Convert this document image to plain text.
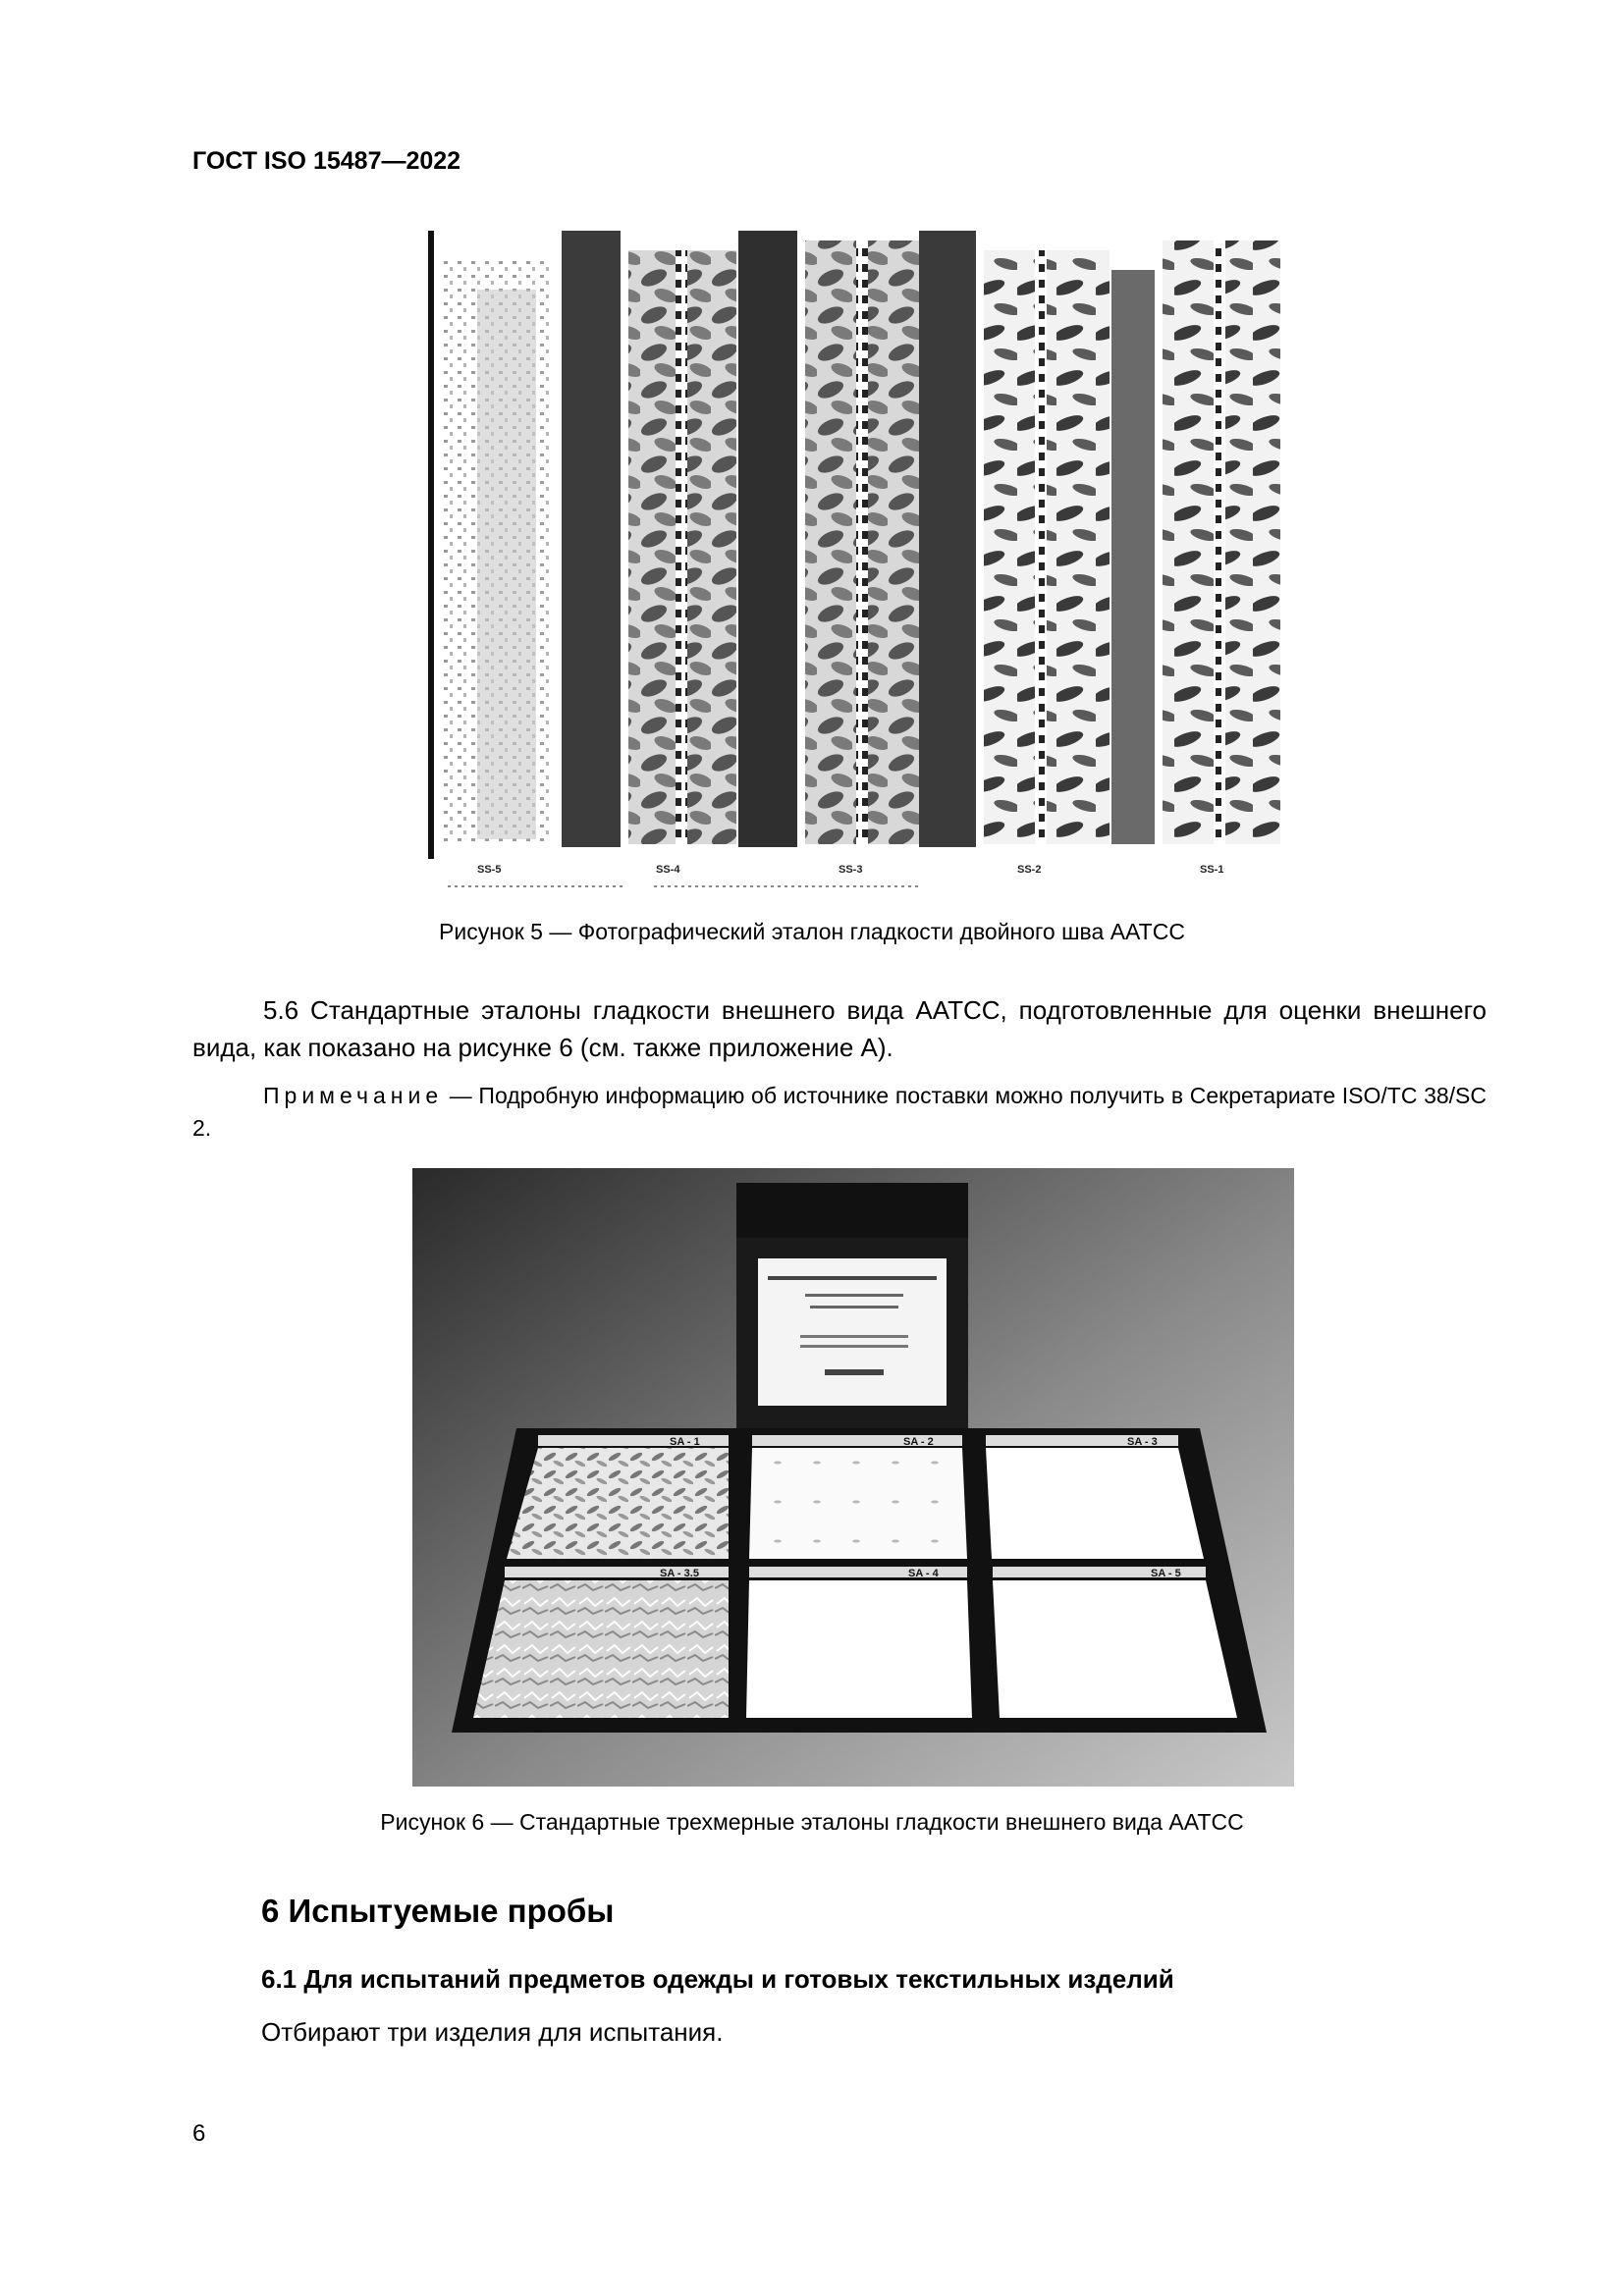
ГОСТ ISO 15487—2022
SS-5	SS-4	SS-3	SS-2	SS-1
Рисунок 5 — Фотографический эталон гладкости двойного шва AATCC
5.6 Стандартные эталоны гладкости внешнего вида AATCC, подготовленные для оценки внешнего вида, как показано на рисунке 6 (см. также приложение А).
Примечание — Подробную информацию об источнике поставки можно получить в Секретариате ISO/TC 38/SC 2.
SA - 1	SA - 2	SA - 3
SA - 3.5	SA - 4	SA - 5
Рисунок 6 — Стандартные трехмерные эталоны гладкости внешнего вида AATCC
6 Испытуемые пробы
6.1 Для испытаний предметов одежды и готовых текстильных изделий
Отбирают три изделия для испытания.
6
